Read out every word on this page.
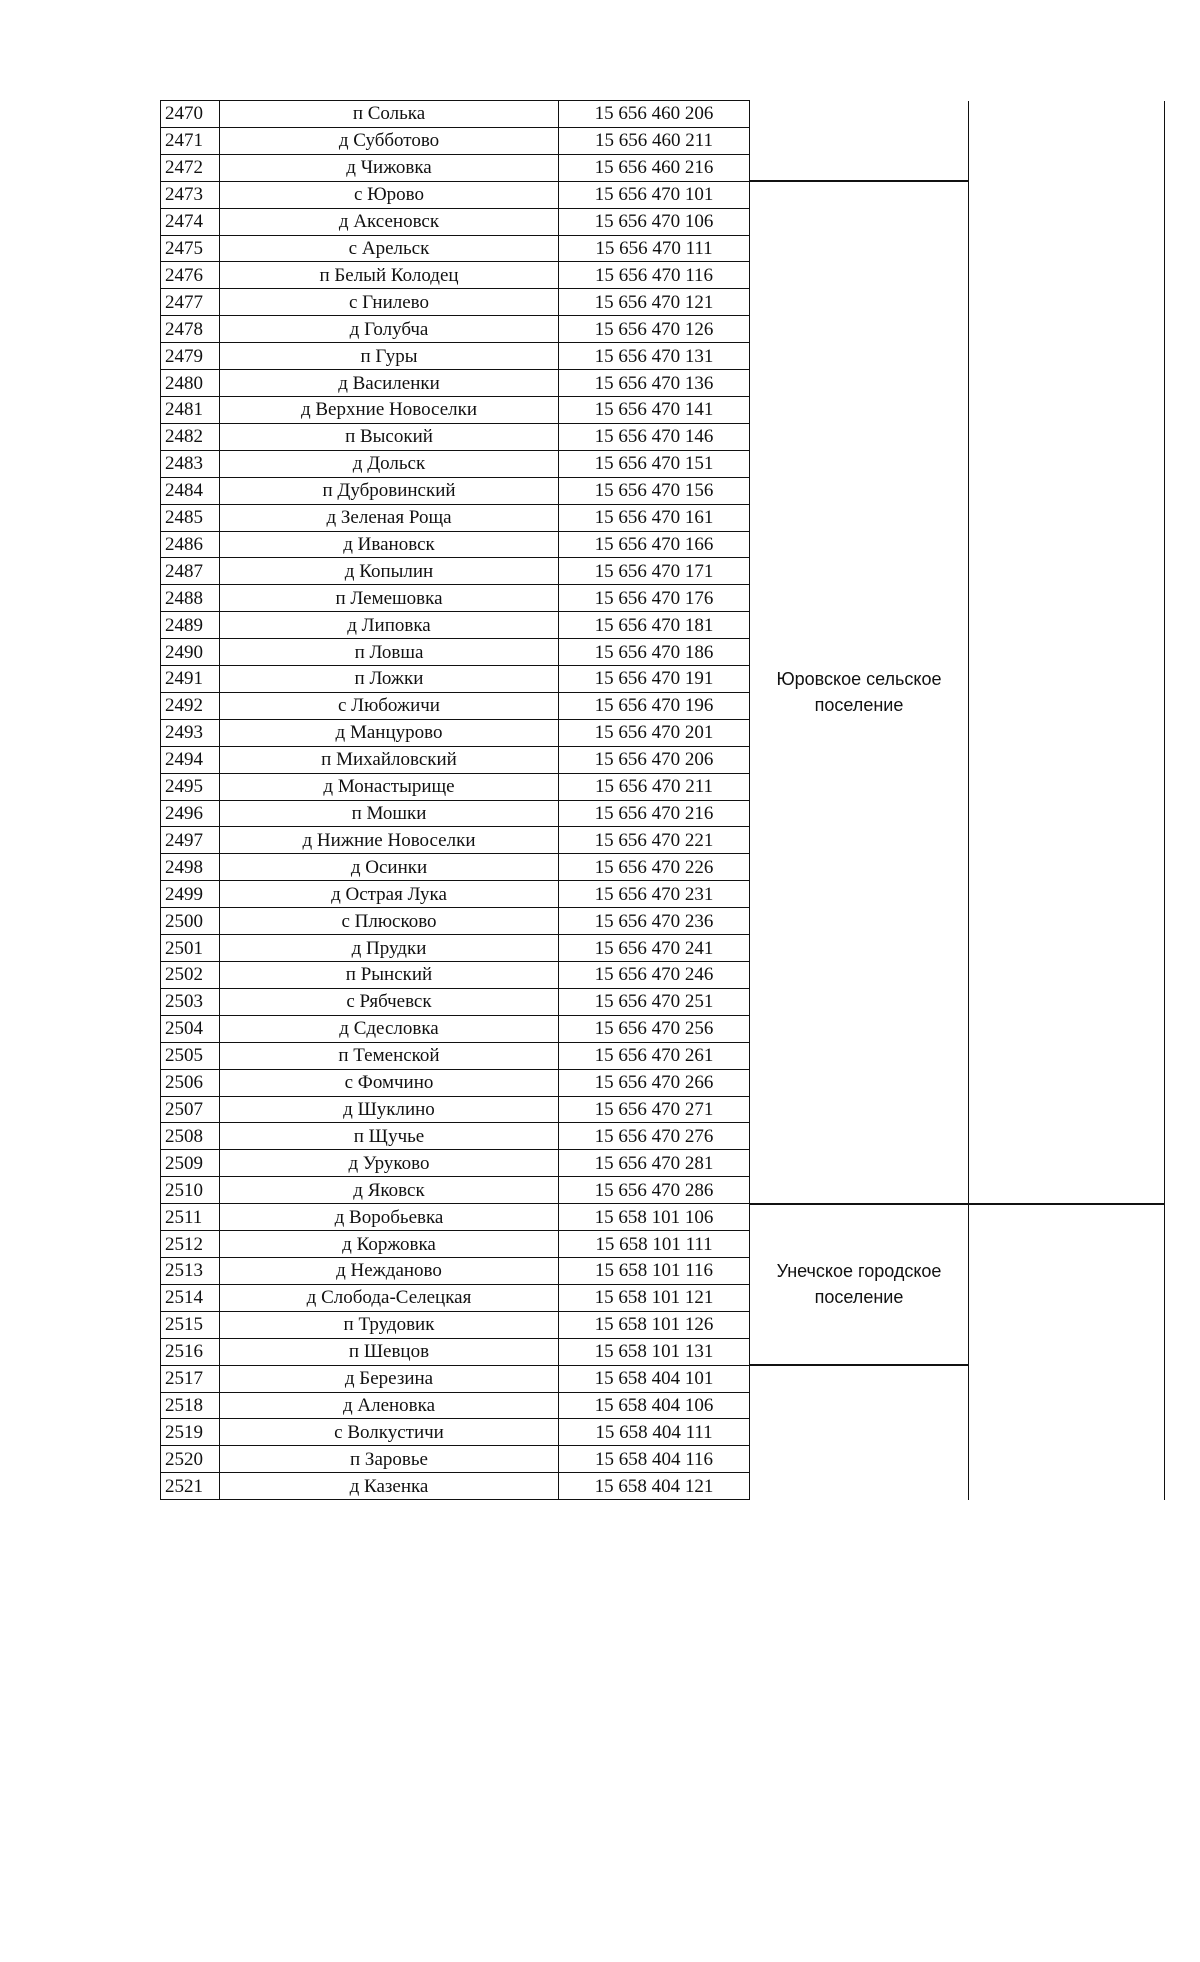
2470	п Солька	15 656 460 206		
2471	д Субботово	15 656 460 211		
2472	д Чижовка	15 656 460 216		
2473	с Юрово	15 656 470 101	Юровское сельское поселение	
2474	д Аксеновск	15 656 470 106		
2475	с Арельск	15 656 470 111		
2476	п Белый Колодец	15 656 470 116		
2477	с Гнилево	15 656 470 121		
2478	д Голубча	15 656 470 126		
2479	п Гуры	15 656 470 131		
2480	д Василенки	15 656 470 136		
2481	д Верхние Новоселки	15 656 470 141		
2482	п Высокий	15 656 470 146		
2483	д Дольск	15 656 470 151		
2484	п Дубровинский	15 656 470 156		
2485	д Зеленая Роща	15 656 470 161		
2486	д Ивановск	15 656 470 166		
2487	д Копылин	15 656 470 171		
2488	п Лемешовка	15 656 470 176		
2489	д Липовка	15 656 470 181		
2490	п Ловша	15 656 470 186		
2491	п Ложки	15 656 470 191		
2492	с Любожичи	15 656 470 196		
2493	д Манцурово	15 656 470 201		
2494	п Михайловский	15 656 470 206		
2495	д Монастырище	15 656 470 211		
2496	п Мошки	15 656 470 216		
2497	д Нижние Новоселки	15 656 470 221		
2498	д Осинки	15 656 470 226		
2499	д Острая Лука	15 656 470 231		
2500	с Плюсково	15 656 470 236		
2501	д Прудки	15 656 470 241		
2502	п Рынский	15 656 470 246		
2503	с Рябчевск	15 656 470 251		
2504	д Сдесловка	15 656 470 256		
2505	п Теменской	15 656 470 261		
2506	с Фомчино	15 656 470 266		
2507	д Шуклино	15 656 470 271		
2508	п Щучье	15 656 470 276		
2509	д Уруково	15 656 470 281		
2510	д Яковск	15 656 470 286		
2511	д Воробьевка	15 658 101 106	Унечское городское поселение	
2512	д Коржовка	15 658 101 111		
2513	д Нежданово	15 658 101 116		
2514	д Слобода-Селецкая	15 658 101 121		
2515	п Трудовик	15 658 101 126		
2516	п Шевцов	15 658 101 131		
2517	д Березина	15 658 404 101		
2518	д Аленовка	15 658 404 106		
2519	с Волкустичи	15 658 404 111		
2520	п Заровье	15 658 404 116		
2521	д Казенка	15 658 404 121		
